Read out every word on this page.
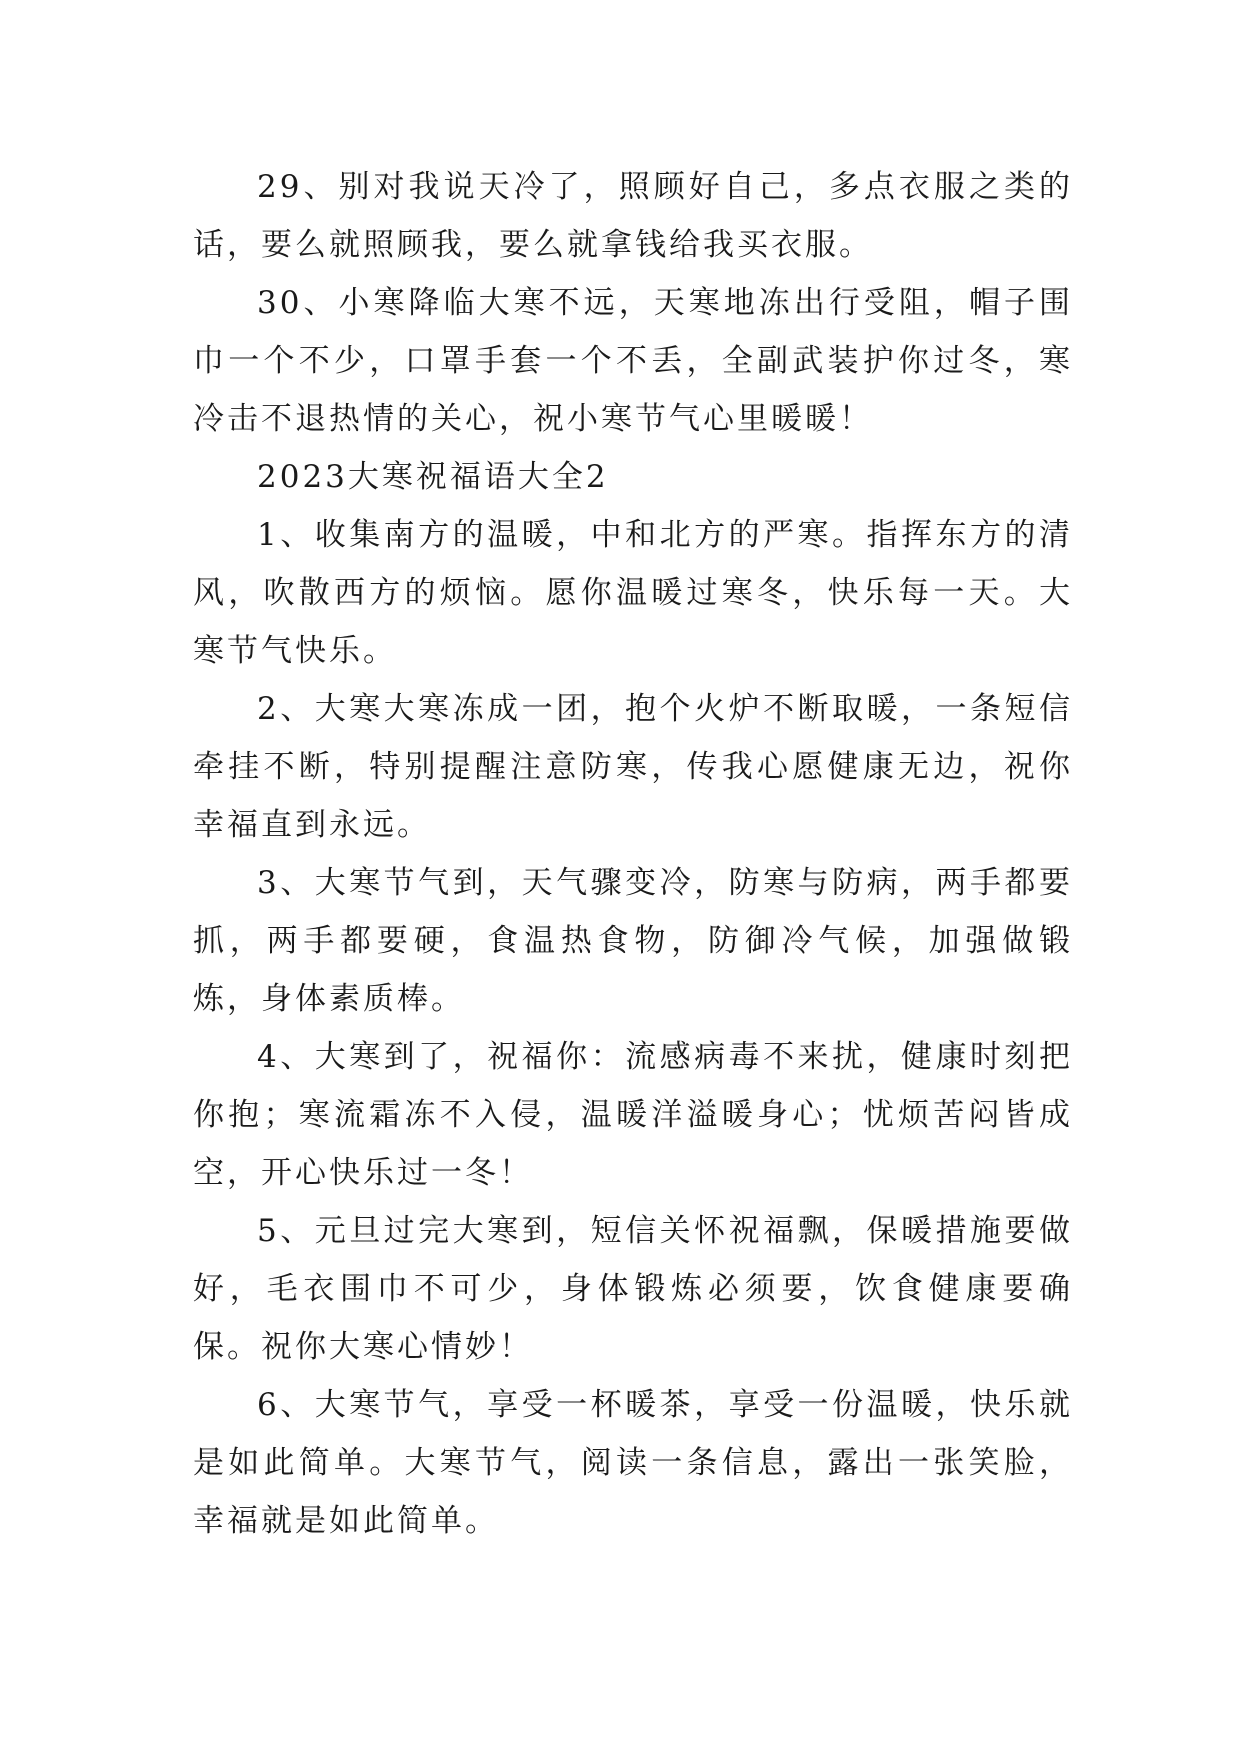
29、别对我说天冷了，照顾好自己，多点衣服之类的话，要么就照顾我，要么就拿钱给我买衣服。

30、小寒降临大寒不远，天寒地冻出行受阻，帽子围巾一个不少，口罩手套一个不丢，全副武装护你过冬，寒冷击不退热情的关心，祝小寒节气心里暖暖！

2023大寒祝福语大全2

1、收集南方的温暖，中和北方的严寒。指挥东方的清风，吹散西方的烦恼。愿你温暖过寒冬，快乐每一天。大寒节气快乐。

2、大寒大寒冻成一团，抱个火炉不断取暖，一条短信牵挂不断，特别提醒注意防寒，传我心愿健康无边，祝你幸福直到永远。

3、大寒节气到，天气骤变冷，防寒与防病，两手都要抓，两手都要硬，食温热食物，防御冷气候，加强做锻炼，身体素质棒。

4、大寒到了，祝福你：流感病毒不来扰，健康时刻把你抱；寒流霜冻不入侵，温暖洋溢暖身心；忧烦苦闷皆成空，开心快乐过一冬！

5、元旦过完大寒到，短信关怀祝福飘，保暖措施要做好，毛衣围巾不可少，身体锻炼必须要，饮食健康要确保。祝你大寒心情妙！

6、大寒节气，享受一杯暖茶，享受一份温暖，快乐就是如此简单。大寒节气，阅读一条信息，露出一张笑脸，幸福就是如此简单。
